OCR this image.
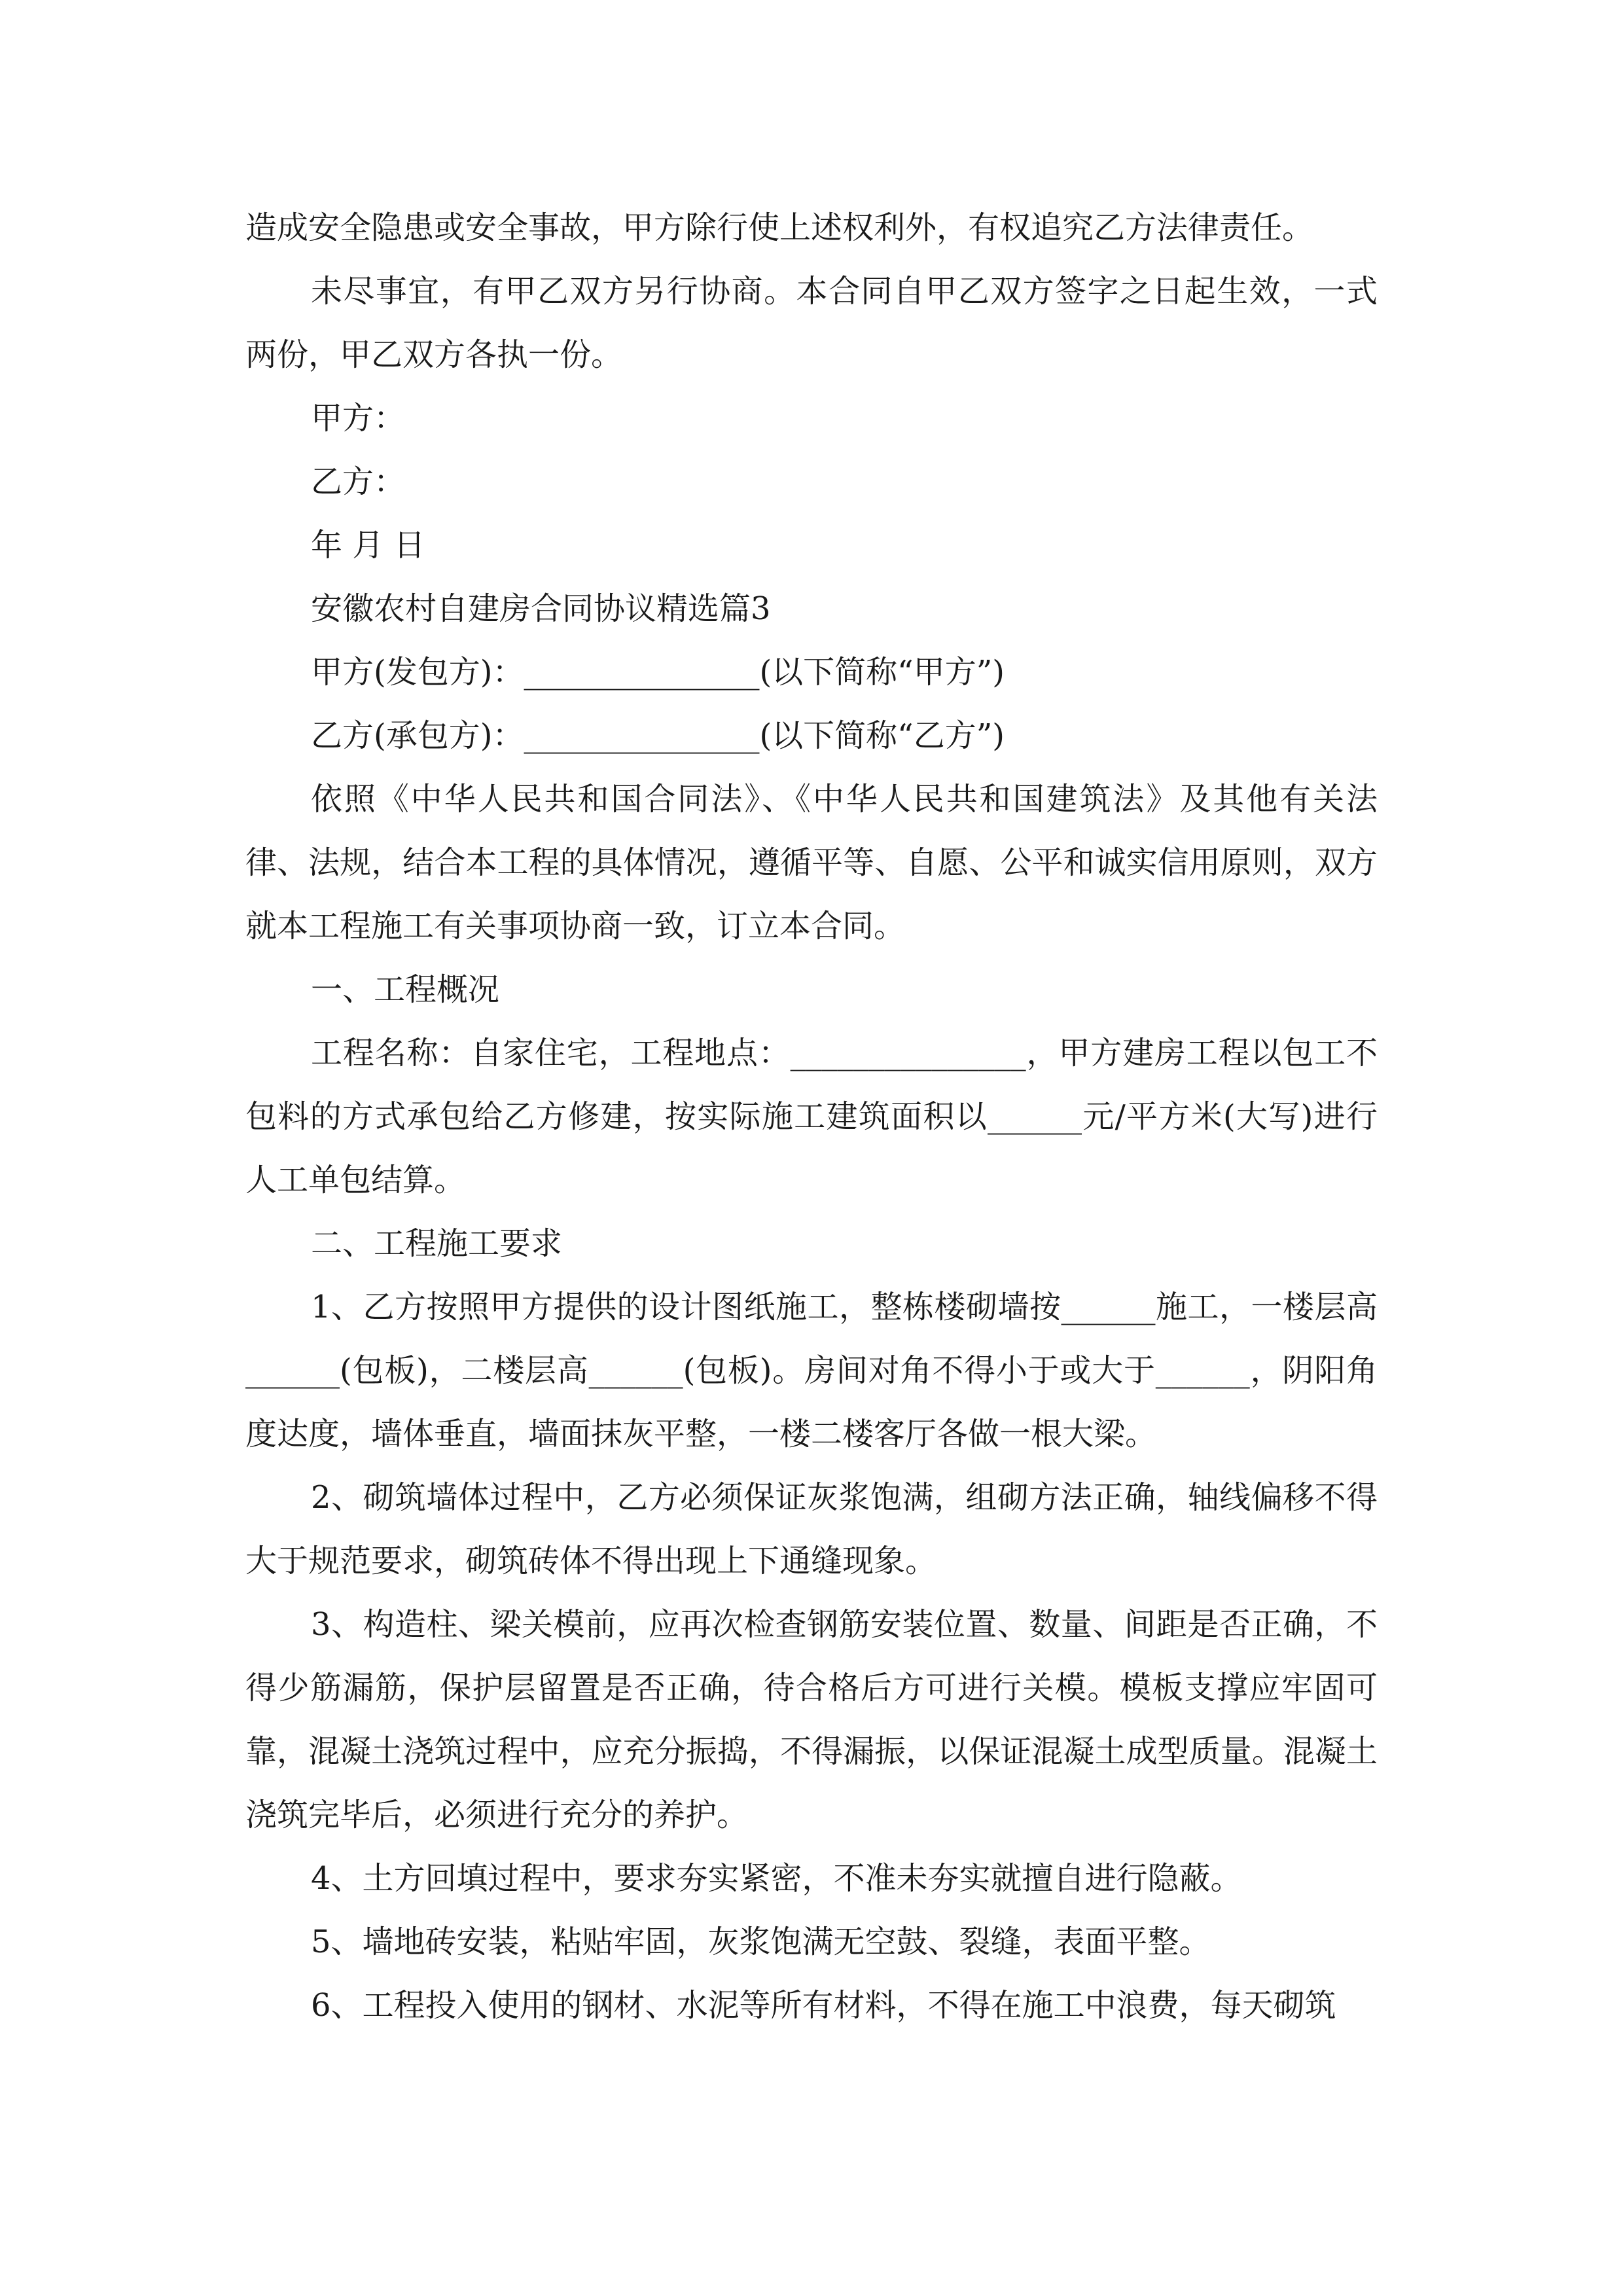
造成安全隐患或安全事故，甲方除行使上述权利外，有权追究乙方法律责任。

未尽事宜，有甲乙双方另行协商。本合同自甲乙双方签字之日起生效，一式两份，甲乙双方各执一份。

甲方：

乙方：

年 月 日

安徽农村自建房合同协议精选篇3

甲方(发包方)：_______________(以下简称“甲方”)

乙方(承包方)：_______________(以下简称“乙方”)

依照《中华人民共和国合同法》、《中华人民共和国建筑法》及其他有关法律、法规，结合本工程的具体情况，遵循平等、自愿、公平和诚实信用原则，双方就本工程施工有关事项协商一致，订立本合同。

一、工程概况

工程名称：自家住宅，工程地点：_______________，甲方建房工程以包工不包料的方式承包给乙方修建，按实际施工建筑面积以______元/平方米(大写)进行人工单包结算。

二、工程施工要求

1、乙方按照甲方提供的设计图纸施工，整栋楼砌墙按______施工，一楼层高______(包板)，二楼层高______(包板)。房间对角不得小于或大于______，阴阳角度达度，墙体垂直，墙面抹灰平整，一楼二楼客厅各做一根大梁。

2、砌筑墙体过程中，乙方必须保证灰浆饱满，组砌方法正确，轴线偏移不得大于规范要求，砌筑砖体不得出现上下通缝现象。

3、构造柱、梁关模前，应再次检查钢筋安装位置、数量、间距是否正确，不得少筋漏筋，保护层留置是否正确，待合格后方可进行关模。模板支撑应牢固可靠，混凝土浇筑过程中，应充分振捣，不得漏振，以保证混凝土成型质量。混凝土浇筑完毕后，必须进行充分的养护。

4、土方回填过程中，要求夯实紧密，不准未夯实就擅自进行隐蔽。

5、墙地砖安装，粘贴牢固，灰浆饱满无空鼓、裂缝，表面平整。

6、工程投入使用的钢材、水泥等所有材料，不得在施工中浪费，每天砌筑
